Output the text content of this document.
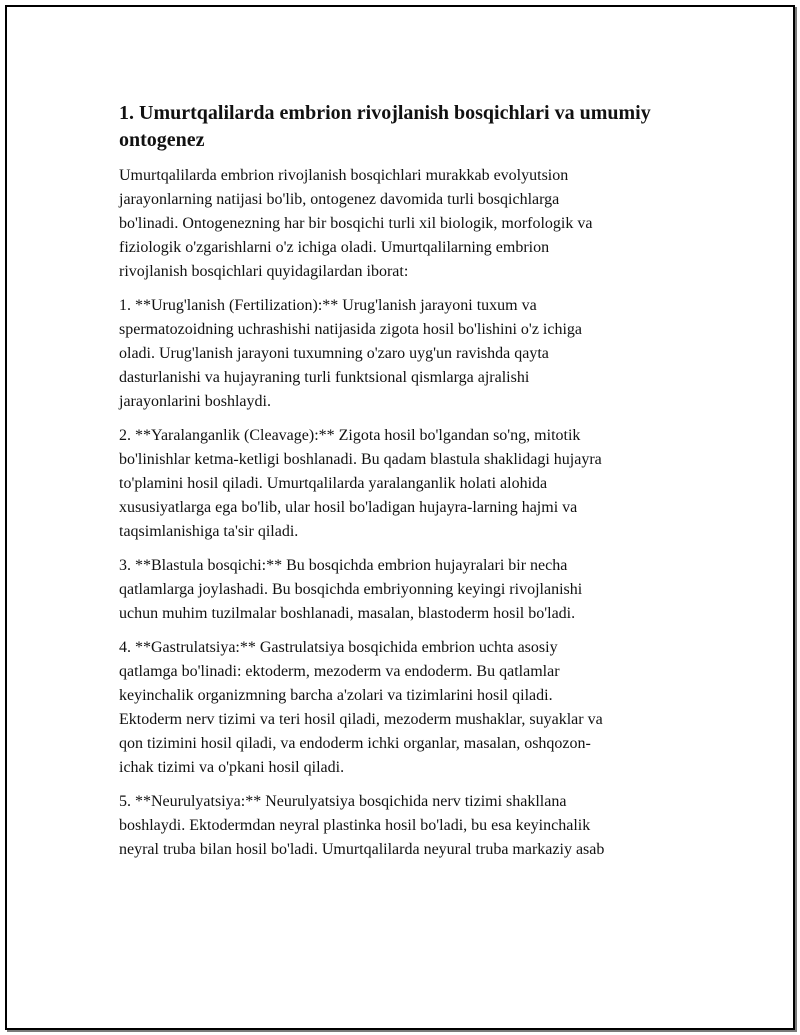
1. Umurtqalilarda embrion rivojlanish bosqichlari va umumiy ontogenez

Umurtqalilarda embrion rivojlanish bosqichlari murakkab evolyutsion
jarayonlarning natijasi bo'lib, ontogenez davomida turli bosqichlarga
bo'linadi. Ontogenezning har bir bosqichi turli xil biologik, morfologik va
fiziologik o'zgarishlarni o'z ichiga oladi. Umurtqalilarning embrion
rivojlanish bosqichlari quyidagilardan iborat:

1. **Urug'lanish (Fertilization):** Urug'lanish jarayoni tuxum va
spermatozoidning uchrashishi natijasida zigota hosil bo'lishini o'z ichiga
oladi. Urug'lanish jarayoni tuxumning o'zaro uyg'un ravishda qayta
dasturlanishi va hujayraning turli funktsional qismlarga ajralishi
jarayonlarini boshlaydi.

2. **Yaralanganlik (Cleavage):** Zigota hosil bo'lgandan so'ng, mitotik
bo'linishlar ketma-ketligi boshlanadi. Bu qadam blastula shaklidagi hujayra
to'plamini hosil qiladi. Umurtqalilarda yaralanganlik holati alohida
xususiyatlarga ega bo'lib, ular hosil bo'ladigan hujayra-larning hajmi va
taqsimlanishiga ta'sir qiladi.

3. **Blastula bosqichi:** Bu bosqichda embrion hujayralari bir necha
qatlamlarga joylashadi. Bu bosqichda embriyonning keyingi rivojlanishi
uchun muhim tuzilmalar boshlanadi, masalan, blastoderm hosil bo'ladi.

4. **Gastrulatsiya:** Gastrulatsiya bosqichida embrion uchta asosiy
qatlamga bo'linadi: ektoderm, mezoderm va endoderm. Bu qatlamlar
keyinchalik organizmning barcha a'zolari va tizimlarini hosil qiladi.
Ektoderm nerv tizimi va teri hosil qiladi, mezoderm mushaklar, suyaklar va
qon tizimini hosil qiladi, va endoderm ichki organlar, masalan, oshqozon-
ichak tizimi va o'pkani hosil qiladi.

5. **Neurulyatsiya:** Neurulyatsiya bosqichida nerv tizimi shakllana
boshlaydi. Ektodermdan neyral plastinka hosil bo'ladi, bu esa keyinchalik
neyral truba bilan hosil bo'ladi. Umurtqalilarda neyural truba markaziy asab
